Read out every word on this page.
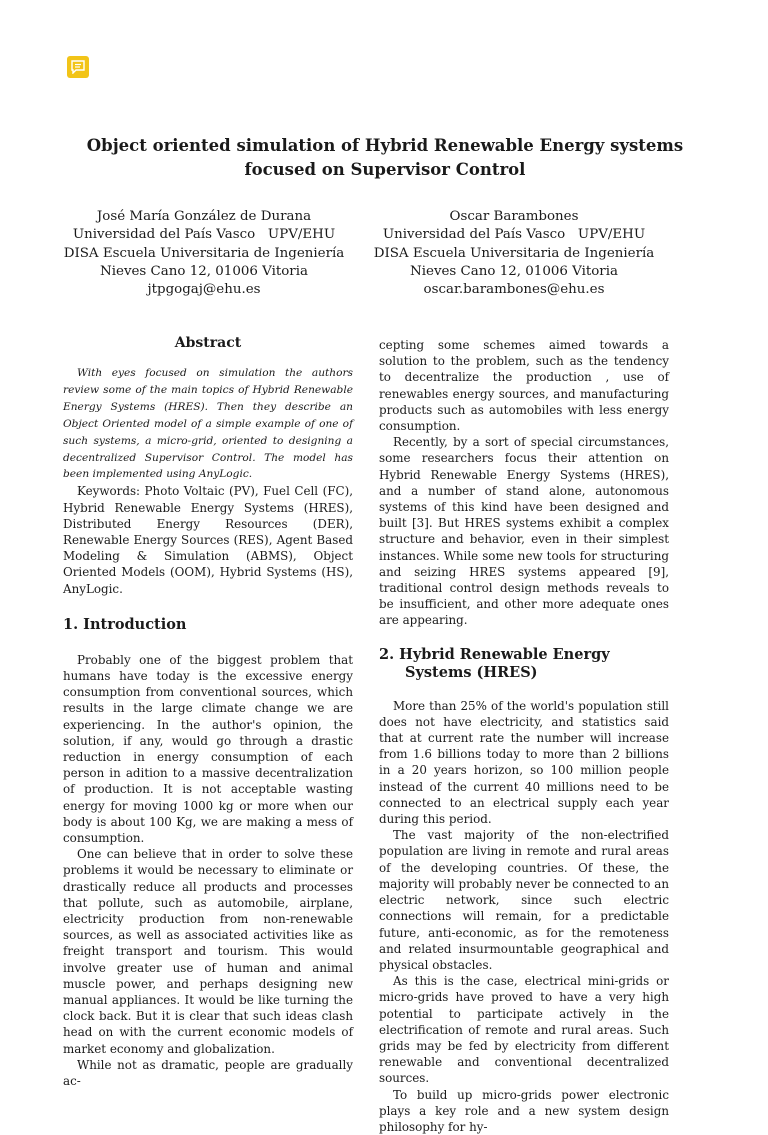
Object oriented simulation of Hybrid Renewable Energy systems
focused on Supervisor Control
José María González de Durana
Universidad del País Vasco   UPV/EHU
DISA Escuela Universitaria de Ingeniería
Nieves Cano 12, 01006 Vitoria
jtpgogaj@ehu.es
Oscar Barambones
Universidad del País Vasco   UPV/EHU
DISA Escuela Universitaria de Ingeniería
Nieves Cano 12, 01006 Vitoria
oscar.barambones@ehu.es
Abstract

With eyes focused on simulation the authors review some of the main topics of Hybrid Renewable Energy Systems (HRES). Then they describe an Object Oriented model of a simple example of one of such systems, a micro-grid, oriented to designing a decentralized Supervisor Control. The model has been implemented using AnyLogic.

Keywords: Photo Voltaic (PV), Fuel Cell (FC), Hybrid Renewable Energy Systems (HRES), Distributed Energy Resources (DER), Renewable Energy Sources (RES), Agent Based Modeling & Simulation (ABMS), Object Oriented Models (OOM), Hybrid Systems (HS), AnyLogic.

1. Introduction

Probably one of the biggest problem that humans have today is the excessive energy consumption from conventional sources, which results in the large climate change we are experiencing. In the author's opinion, the solution, if any, would go through a drastic reduction in energy consumption of each person in adition to a massive decentralization of production. It is not acceptable wasting energy for moving 1000 kg or more when our body is about 100 Kg, we are making a mess of consumption.

One can believe that in order to solve these problems it would be necessary to eliminate or drastically reduce all products and processes that pollute, such as automobile, airplane, electricity production from non-renewable sources, as well as associated activities like as freight transport and tourism. This would involve greater use of human and animal muscle power, and perhaps designing new manual appliances. It would be like turning the clock back. But it is clear that such ideas clash head on with the current economic models of market economy and globalization.

While not as dramatic, people are gradually ac-

cepting some schemes aimed towards a solution to the problem, such as the tendency to decentralize the production , use of renewables energy sources, and manufacturing products such as automobiles with less energy consumption.

Recently, by a sort of special circumstances, some researchers focus their attention on Hybrid Renewable Energy Systems (HRES), and a number of stand alone, autonomous systems of this kind have been designed and built [3]. But HRES systems exhibit a complex structure and behavior, even in their simplest instances. While some new tools for structuring and seizing HRES systems appeared [9], traditional control design methods reveals to be insufficient, and other more adequate ones are appearing.

2. Hybrid Renewable Energy Systems (HRES)

More than 25% of the world's population still does not have electricity, and statistics said that at current rate the number will increase from 1.6 billions today to more than 2 billions in a 20 years horizon, so 100 million people instead of the current 40 millions need to be connected to an electrical supply each year during this period.

The vast majority of the non-electrified population are living in remote and rural areas of the developing countries. Of these, the majority will probably never be connected to an electric network, since such electric connections will remain, for a predictable future, anti-economic, as for the remoteness and related insurmountable geographical and physical obstacles.

As this is the case, electrical mini-grids or micro-grids have proved to have a very high potential to participate actively in the electrification of remote and rural areas. Such grids may be fed by electricity from different renewable and conventional decentralized sources.

To build up micro-grids power electronic plays a key role and a new system design philosophy for hy-
